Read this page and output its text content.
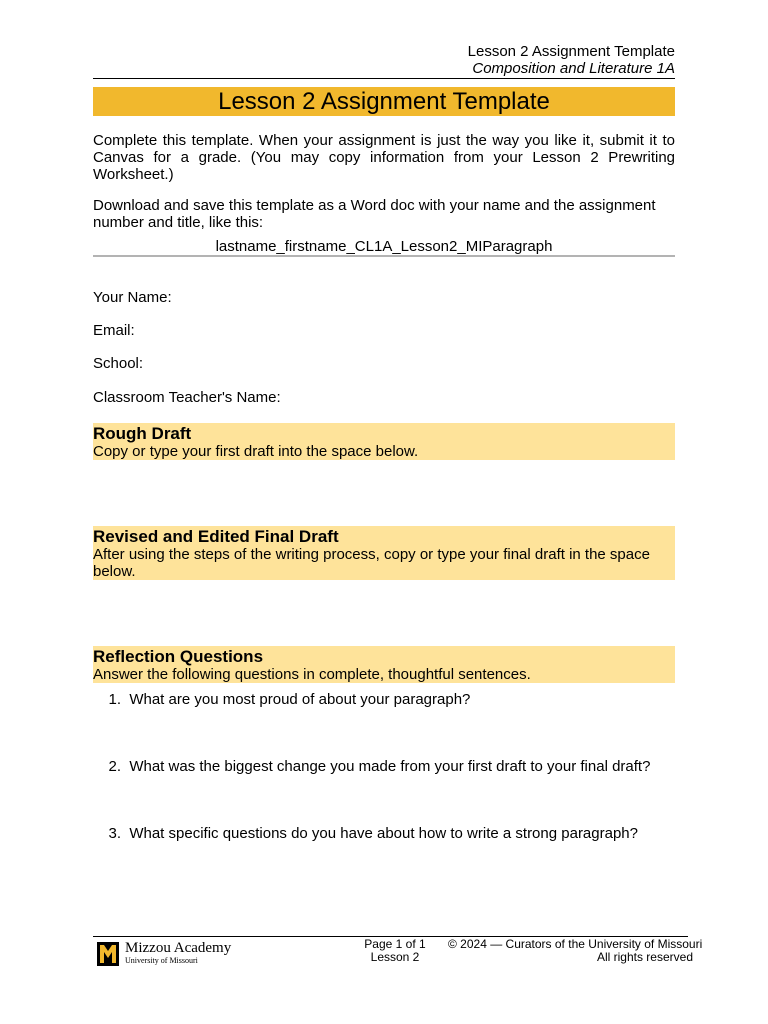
Lesson 2 Assignment Template
Composition and Literature 1A
Lesson 2 Assignment Template
Complete this template. When your assignment is just the way you like it, submit it to Canvas for a grade. (You may copy information from your Lesson 2 Prewriting Worksheet.)
Download and save this template as a Word doc with your name and the assignment number and title, like this:
lastname_firstname_CL1A_Lesson2_MIParagraph
Your Name:
Email:
School:
Classroom Teacher's Name:
Rough Draft
Copy or type your first draft into the space below.
Revised and Edited Final Draft
After using the steps of the writing process, copy or type your final draft in the space below.
Reflection Questions
Answer the following questions in complete, thoughtful sentences.
1. What are you most proud of about your paragraph?
2. What was the biggest change you made from your first draft to your final draft?
3. What specific questions do you have about how to write a strong paragraph?
Mizzou Academy
University of Missouri
Page 1 of 1
Lesson 2
© 2024 — Curators of the University of Missouri
All rights reserved
